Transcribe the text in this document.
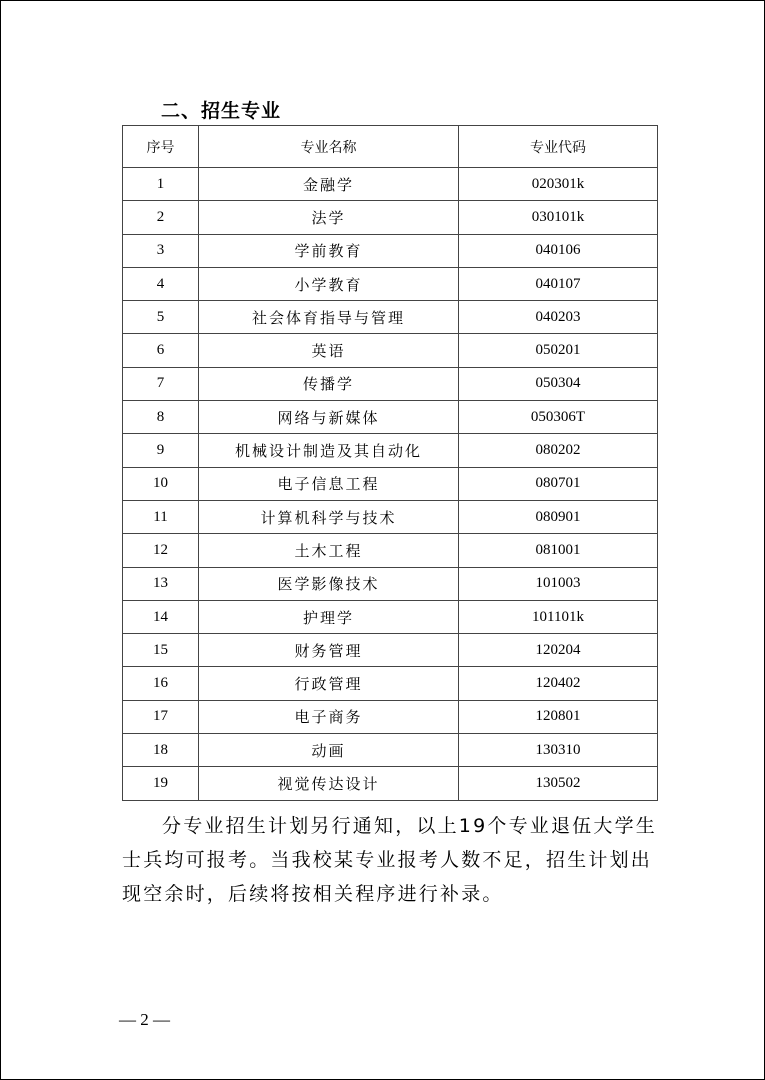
二、招生专业
序号	专业名称	专业代码
1	金融学	020301k
2	法学	030101k
3	学前教育	040106
4	小学教育	040107
5	社会体育指导与管理	040203
6	英语	050201
7	传播学	050304
8	网络与新媒体	050306T
9	机械设计制造及其自动化	080202
10	电子信息工程	080701
11	计算机科学与技术	080901
12	土木工程	081001
13	医学影像技术	101003
14	护理学	101101k
15	财务管理	120204
16	行政管理	120402
17	电子商务	120801
18	动画	130310
19	视觉传达设计	130502
分专业招生计划另行通知，以上19个专业退伍大学生士兵均可报考。当我校某专业报考人数不足，招生计划出现空余时，后续将按相关程序进行补录。
— 2 —
